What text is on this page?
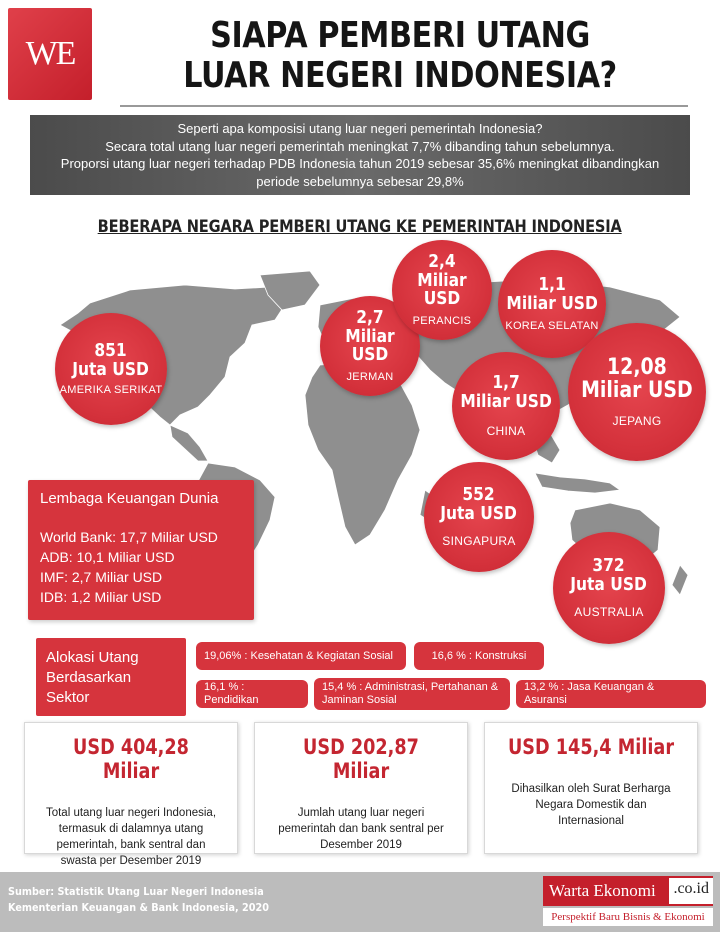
WE	SIAPA PEMBERI UTANG
LUAR NEGERI INDONESIA?
Seperti apa komposisi utang luar negeri pemerintah Indonesia?
Secara total utang luar negeri pemerintah meningkat 7,7% dibanding tahun sebelumnya.
Proporsi utang luar negeri terhadap PDB Indonesia tahun 2019 sebesar 35,6% meningkat dibandingkan
periode sebelumnya sebesar 29,8%
BEBERAPA NEGARA PEMBERI UTANG KE PEMERINTAH INDONESIA
851
Juta USD
AMERIKA SERIKAT
2,7
Miliar USD
JERMAN
2,4
Miliar USD
PERANCIS
1,1
Miliar USD
KOREA SELATAN
12,08
Miliar USD
JEPANG
1,7
Miliar USD
CHINA
552
Juta USD
SINGAPURA
372
Juta USD
AUSTRALIA
Lembaga Keuangan Dunia
World Bank: 17,7 Miliar USD
ADB: 10,1 Miliar USD
IMF: 2,7 Miliar USD
IDB: 1,2 Miliar USD
Alokasi Utang
Berdasarkan
Sektor
19,06% : Kesehatan & Kegiatan Sosial	16,6 % : Konstruksi
16,1 % : Pendidikan
15,4 % : Administrasi, Pertahanan &
Jaminan Sosial
13,2 % : Jasa Keuangan & Asuransi
USD 404,28 Miliar
Total utang luar negeri Indonesia,
termasuk di dalamnya utang
pemerintah, bank sentral dan
swasta per Desember 2019
USD 202,87 Miliar
Jumlah utang luar negeri
pemerintah dan bank sentral per
Desember 2019
USD 145,4 Miliar
Dihasilkan oleh Surat Berharga
Negara Domestik dan
Internasional
Sumber: Statistik Utang Luar Negeri Indonesia
Kementerian Keuangan & Bank Indonesia, 2020
Warta Ekonomi .co.id
Perspektif Baru Bisnis & Ekonomi
